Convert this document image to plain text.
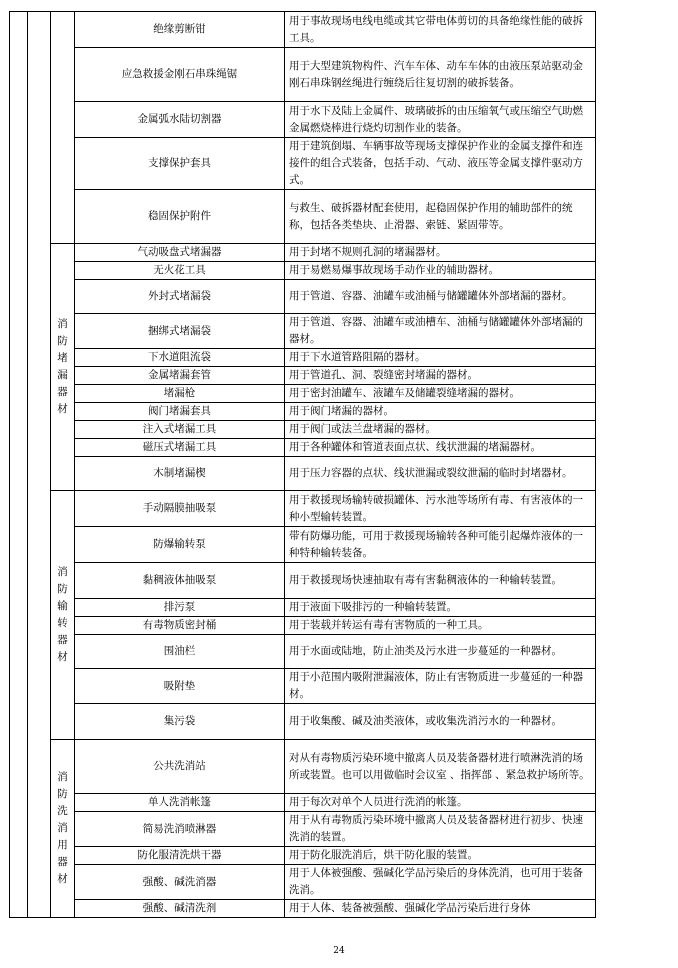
	绝缘剪断钳	用于事故现场电线电缆或其它带电体剪切的具备绝缘性能的破拆工具。
			应急救援金刚石串珠绳锯	用于大型建筑物构件、汽车车体、动车车体的由液压泵站驱动金刚石串珠钢丝绳进行缠绕后往复切割的破拆装备。
			金属弧水陆切割器	用于水下及陆上金属件、玻璃破拆的由压缩氧气或压缩空气助燃金属燃烧棒进行烧灼切割作业的装备。
			支撑保护套具	用于建筑倒塌、车辆事故等现场支撑保护作业的金属支撑件和连接件的组合式装备，包括手动、气动、液压等金属支撑件驱动方式。
			稳固保护附件	与救生、破拆器材配套使用，起稳固保护作用的辅助部件的统称，包括各类垫块、止滑器、索链、紧固带等。

		消防堵漏器材	气动吸盘式堵漏器	用于封堵不规则孔洞的堵漏器材。
			无火花工具	用于易燃易爆事故现场手动作业的辅助器材。
			外封式堵漏袋	用于管道、容器、油罐车或油桶与储罐罐体外部堵漏的器材。
			捆绑式堵漏袋	用于管道、容器、油罐车或油槽车、油桶与储罐罐体外部堵漏的器材。
			下水道阻流袋	用于下水道管路阻隔的器材。
			金属堵漏套管	用于管道孔、洞、裂缝密封堵漏的器材。
			堵漏枪	用于密封油罐车、液罐车及储罐裂缝堵漏的器材。
			阀门堵漏套具	用于阀门堵漏的器材。
			注入式堵漏工具	用于阀门或法兰盘堵漏的器材。
			磁压式堵漏工具	用于各种罐体和管道表面点状、线状泄漏的堵漏器材。
			木制堵漏楔	用于压力容器的点状、线状泄漏或裂纹泄漏的临时封堵器材。

		消防输转器材	手动隔膜抽吸泵	用于救援现场输转破损罐体、污水池等场所有毒、有害液体的一种小型输转装置。
			防爆输转泵	带有防爆功能，可用于救援现场输转各种可能引起爆炸液体的一种特种输转装备。
			黏稠液体抽吸泵	用于救援现场快速抽取有毒有害黏稠液体的一种输转装置。
			排污泵	用于液面下吸排污的一种输转装置。
			有毒物质密封桶	用于装载并转运有毒有害物质的一种工具。
			围油栏	用于水面或陆地，防止油类及污水进一步蔓延的一种器材。
			吸附垫	用于小范围内吸附泄漏液体，防止有害物质进一步蔓延的一种器材。
			集污袋	用于收集酸、碱及油类液体，或收集洗消污水的一种器材。

		消防洗消用器材	公共洗消站	对从有毒物质污染环境中撤离人员及装备器材进行喷淋洗消的场所或装置。也可以用做临时会议室 、指挥部 、紧急救护场所等。
			单人洗消帐篷	用于每次对单个人员进行洗消的帐篷。
			简易洗消喷淋器	用于从有毒物质污染环境中撤离人员及装备器材进行初步、快速洗消的装置。
			防化服清洗烘干器	用于防化服洗消后，烘干防化服的装置。
			强酸、碱洗消器	用于人体被强酸、强碱化学品污染后的身体洗消，也可用于装备洗消。
			强酸、碱清洗剂	用于人体、装备被强酸、强碱化学品污染后进行身体
24
